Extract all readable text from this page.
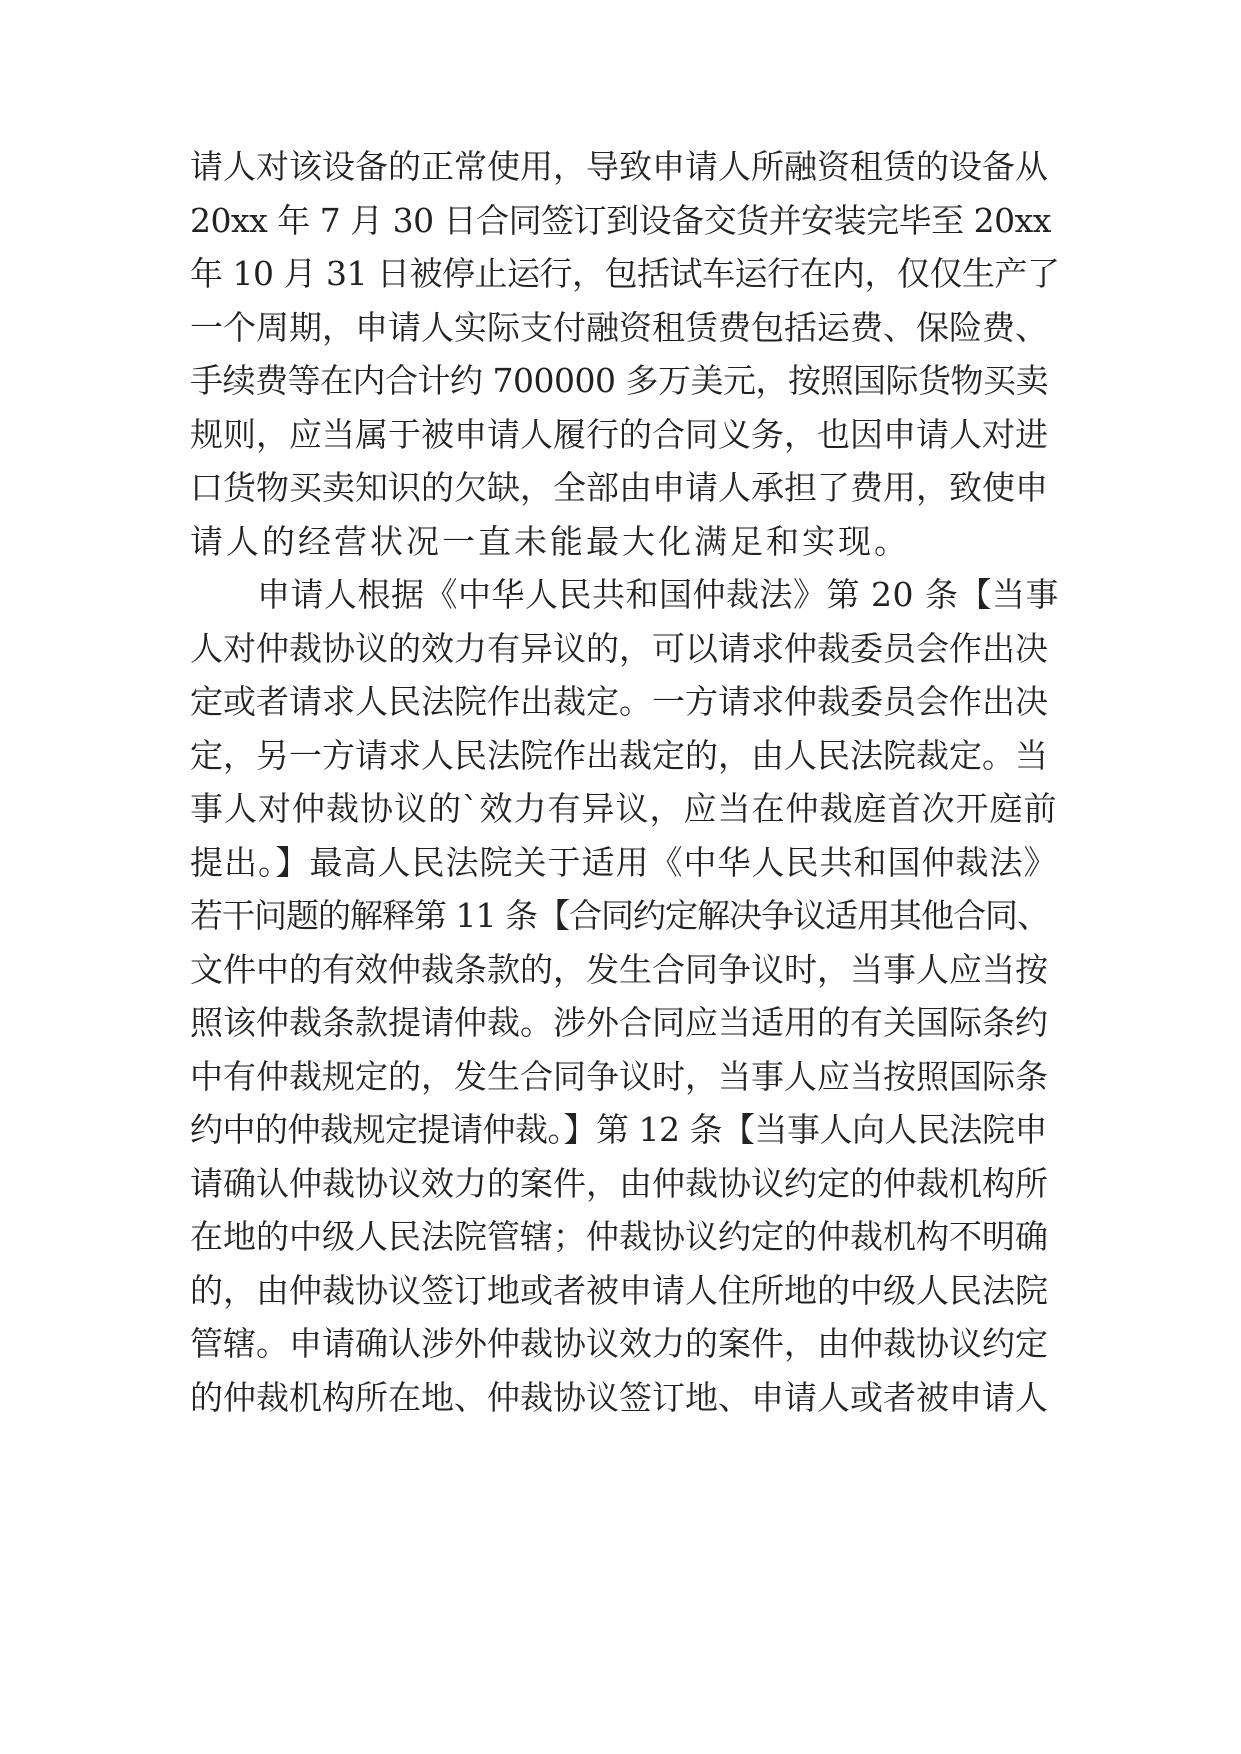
请人对该设备的正常使用，导致申请人所融资租赁的设备从
20xx 年 7 月 30 日合同签订到设备交货并安装完毕至 20xx
年 10 月 31 日被停止运行，包括试车运行在内，仅仅生产了
一个周期，申请人实际支付融资租赁费包括运费、保险费、
手续费等在内合计约 700000 多万美元，按照国际货物买卖
规则，应当属于被申请人履行的合同义务，也因申请人对进
口货物买卖知识的欠缺，全部由申请人承担了费用，致使申
请人的经营状况一直未能最大化满足和实现。
申请人根据《中华人民共和国仲裁法》第 20 条【当事
人对仲裁协议的效力有异议的，可以请求仲裁委员会作出决
定或者请求人民法院作出裁定。一方请求仲裁委员会作出决
定，另一方请求人民法院作出裁定的，由人民法院裁定。当
事人对仲裁协议的`效力有异议，应当在仲裁庭首次开庭前
提出。】最高人民法院关于适用《中华人民共和国仲裁法》
若干问题的解释第 11 条【合同约定解决争议适用其他合同、
文件中的有效仲裁条款的，发生合同争议时，当事人应当按
照该仲裁条款提请仲裁。涉外合同应当适用的有关国际条约
中有仲裁规定的，发生合同争议时，当事人应当按照国际条
约中的仲裁规定提请仲裁。】第 12 条【当事人向人民法院申
请确认仲裁协议效力的案件，由仲裁协议约定的仲裁机构所
在地的中级人民法院管辖；仲裁协议约定的仲裁机构不明确
的，由仲裁协议签订地或者被申请人住所地的中级人民法院
管辖。申请确认涉外仲裁协议效力的案件，由仲裁协议约定
的仲裁机构所在地、仲裁协议签订地、申请人或者被申请人
